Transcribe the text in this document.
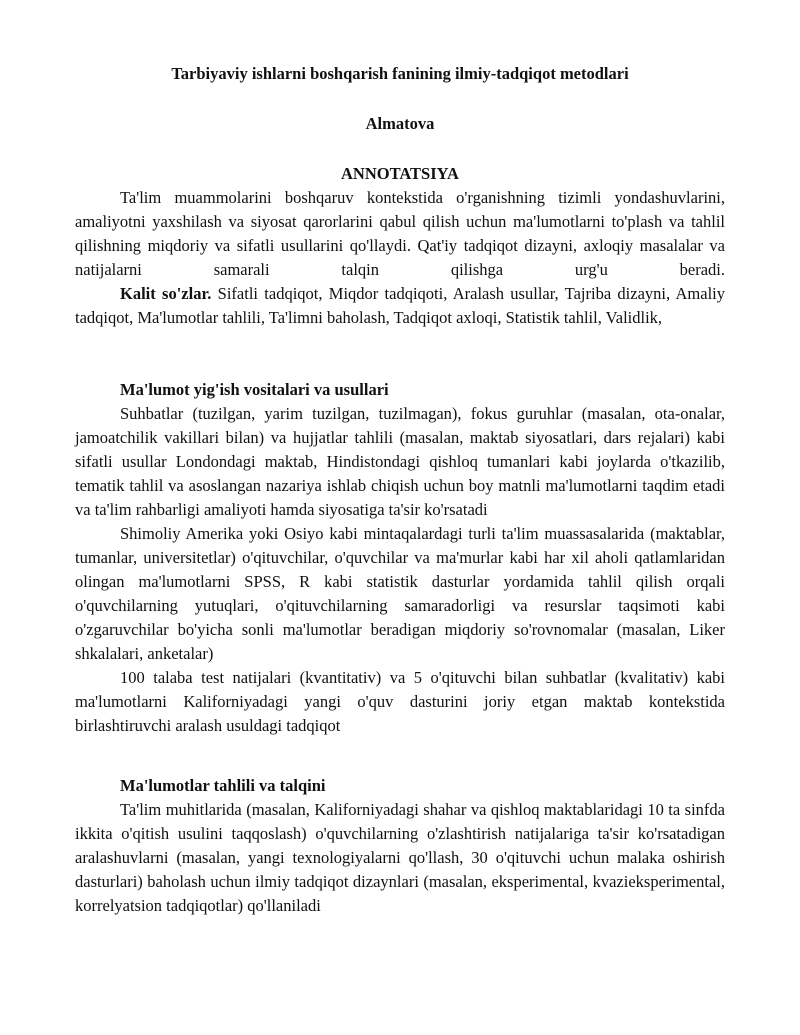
Tarbiyaviy ishlarni boshqarish fanining ilmiy-tadqiqot metodlari
Almatova
ANNOTATSIYA

Ta'lim muammolarini boshqaruv kontekstida o'rganishning tizimli yondashuvlarini, amaliyotni yaxshilash va siyosat qarorlarini qabul qilish uchun ma'lumotlarni to'plash va tahlil qilishning miqdoriy va sifatli usullarini qo'llaydi. Qat'iy tadqiqot dizayni, axloqiy masalalar va natijalarni samarali talqin qilishga urg'u beradi.

Kalit so'zlar. Sifatli tadqiqot, Miqdor tadqiqoti, Aralash usullar, Tajriba dizayni, Amaliy tadqiqot, Ma'lumotlar tahlili, Ta'limni baholash, Tadqiqot axloqi, Statistik tahlil, Validlik,

Ma'lumot yig'ish vositalari va usullari

Suhbatlar (tuzilgan, yarim tuzilgan, tuzilmagan), fokus guruhlar (masalan, ota-onalar, jamoatchilik vakillari bilan) va hujjatlar tahlili (masalan, maktab siyosatlari, dars rejalari) kabi sifatli usullar Londondagi maktab, Hindistondagi qishloq tumanlari kabi joylarda o'tkazilib, tematik tahlil va asoslangan nazariya ishlab chiqish uchun boy matnli ma'lumotlarni taqdim etadi va ta'lim rahbarligi amaliyoti hamda siyosatiga ta'sir ko'rsatadi

Shimoliy Amerika yoki Osiyo kabi mintaqalardagi turli ta'lim muassasalarida (maktablar, tumanlar, universitetlar) o'qituvchilar, o'quvchilar va ma'murlar kabi har xil aholi qatlamlaridan olingan ma'lumotlarni SPSS, R kabi statistik dasturlar yordamida tahlil qilish orqali o'quvchilarning yutuqlari, o'qituvchilarning samaradorligi va resurslar taqsimoti kabi o'zgaruvchilar bo'yicha sonli ma'lumotlar beradigan miqdoriy so'rovnomalar (masalan, Liker shkalalari, anketalar)

100 talaba test natijalari (kvantitativ) va 5 o'qituvchi bilan suhbatlar (kvalitativ) kabi ma'lumotlarni Kaliforniyadagi yangi o'quv dasturini joriy etgan maktab kontekstida birlashtiruvchi aralash usuldagi tadqiqot

Ma'lumotlar tahlili va talqini

Ta'lim muhitlarida (masalan, Kaliforniyadagi shahar va qishloq maktablaridagi 10 ta sinfda ikkita o'qitish usulini taqqoslash) o'quvchilarning o'zlashtirish natijalariga ta'sir ko'rsatadigan aralashuvlarni (masalan, yangi texnologiyalarni qo'llash, 30 o'qituvchi uchun malaka oshirish dasturlari) baholash uchun ilmiy tadqiqot dizaynlari (masalan, eksperimental, kvazieksperimental, korrelyatsion tadqiqotlar) qo'llaniladi
